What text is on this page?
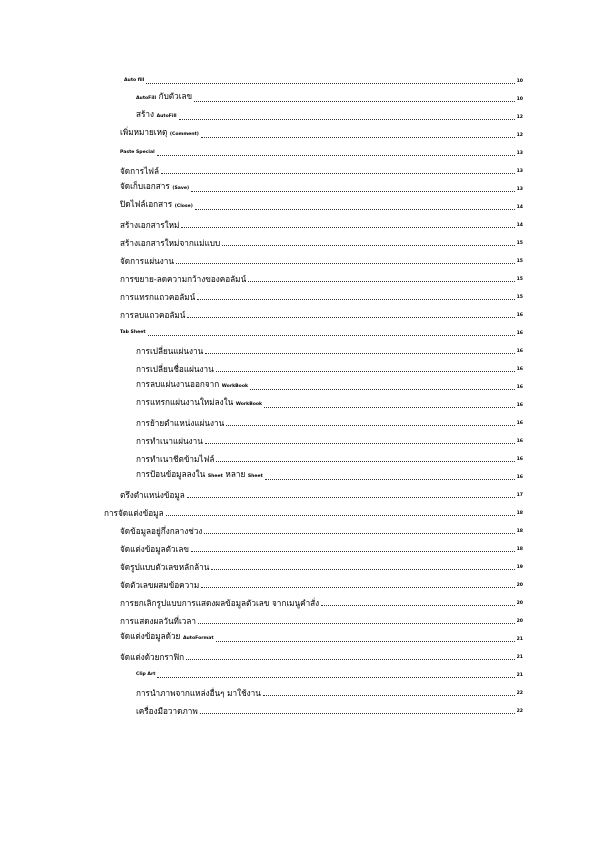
Auto fill	10
AutoFill กับตัวเลข	10
สร้าง AutoFill	12
เพิ่มหมายเหตุ (Comment)	12
Paste Special	13
จัดการไฟล์	13
จัดเก็บเอกสาร (Save)	13
ปิดไฟล์เอกสาร (Close)	14
สร้างเอกสารใหม่	14
สร้างเอกสารใหม่จากแม่แบบ	15
จัดการแผ่นงาน	15
การขยาย-ลดความกว้างของคอลัมน์	15
การแทรกแถวคอลัมน์	15
การลบแถวคอลัมน์	16
Tab Sheet	16
การเปลี่ยนแผ่นงาน	16
การเปลี่ยนชื่อแผ่นงาน	16
การลบแผ่นงานออกจาก WorkBook	16
การแทรกแผ่นงานใหม่ลงใน WorkBook	16
การย้ายตำแหน่งแผ่นงาน	16
การทำเนาแผ่นงาน	16
การทำเนาชีตข้ามไฟล์	16
การป้อนข้อมูลลงใน Sheet หลาย Sheet	16
ตรึงตำแหน่งข้อมูล	17
การจัดแต่งข้อมูล	18
จัดข้อมูลอยู่กึ่งกลางช่วง	18
จัดแต่งข้อมูลตัวเลข	18
จัดรูปแบบตัวเลขหลักล้าน	19
จัดตัวเลขผสมข้อความ	20
การยกเลิกรูปแบบการแสดงผลข้อมูลตัวเลข จากเมนูคำสั่ง	20
การแสดงผลวันที่เวลา	20
จัดแต่งข้อมูลด้วย AutoFormat	21
จัดแต่งด้วยกราฟิก	21
Clip Art	21
การนำภาพจากแหล่งอื่นๆ มาใช้งาน	22
เครื่องมือวาดภาพ	22
